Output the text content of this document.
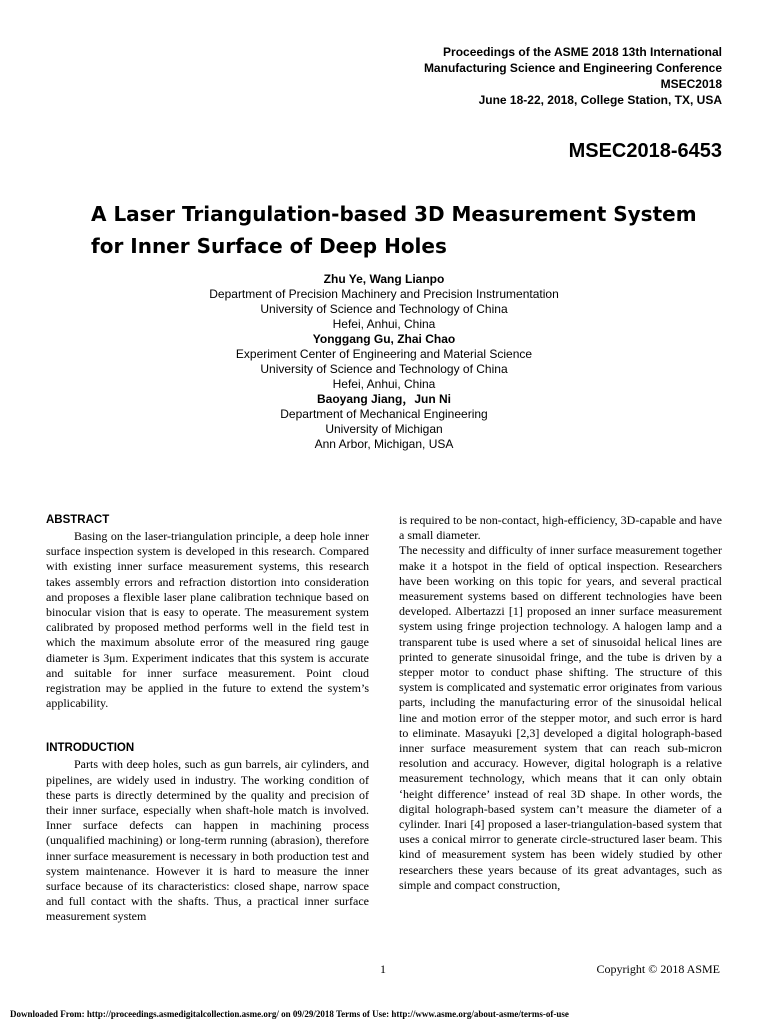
Proceedings of the ASME 2018 13th International
Manufacturing Science and Engineering Conference
MSEC2018
June 18-22, 2018, College Station, TX, USA
MSEC2018-6453
A Laser Triangulation-based 3D Measurement System for Inner Surface of Deep Holes
Zhu Ye, Wang Lianpo
Department of Precision Machinery and Precision Instrumentation
University of Science and Technology of China
Hefei, Anhui, China
Yonggang Gu, Zhai Chao
Experiment Center of Engineering and Material Science
University of Science and Technology of China
Hefei, Anhui, China
Baoyang Jiang，Jun Ni
Department of Mechanical Engineering
University of Michigan
Ann Arbor, Michigan, USA
ABSTRACT

Basing on the laser-triangulation principle, a deep hole inner surface inspection system is developed in this research. Compared with existing inner surface measurement systems, this research takes assembly errors and refraction distortion into consideration and proposes a flexible laser plane calibration technique based on binocular vision that is easy to operate. The measurement system calibrated by proposed method performs well in the field test in which the maximum absolute error of the measured ring gauge diameter is 3μm. Experiment indicates that this system is accurate and suitable for inner surface measurement. Point cloud registration may be applied in the future to extend the system’s applicability.

INTRODUCTION

Parts with deep holes, such as gun barrels, air cylinders, and pipelines, are widely used in industry. The working condition of these parts is directly determined by the quality and precision of their inner surface, especially when shaft-hole match is involved. Inner surface defects can happen in machining process (unqualified machining) or long-term running (abrasion), therefore inner surface measurement is necessary in both production test and system maintenance. However it is hard to measure the inner surface because of its characteristics: closed shape, narrow space and full contact with the shafts. Thus, a practical inner surface measurement system

is required to be non-contact, high-efficiency, 3D-capable and have a small diameter.

The necessity and difficulty of inner surface measurement together make it a hotspot in the field of optical inspection. Researchers have been working on this topic for years, and several practical measurement systems based on different technologies have been developed. Albertazzi [1] proposed an inner surface measurement system using fringe projection technology. A halogen lamp and a transparent tube is used where a set of sinusoidal helical lines are printed to generate sinusoidal fringe, and the tube is driven by a stepper motor to conduct phase shifting. The structure of this system is complicated and systematic error originates from various parts, including the manufacturing error of the sinusoidal helical line and motion error of the stepper motor, and such error is hard to eliminate. Masayuki [2,3] developed a digital holograph-based inner surface measurement system that can reach sub-micron resolution and accuracy. However, digital holograph is a relative measurement technology, which means that it can only obtain ‘height difference’ instead of real 3D shape. In other words, the digital holograph-based system can’t measure the diameter of a cylinder. Inari [4] proposed a laser-triangulation-based system that uses a conical mirror to generate circle-structured laser beam. This kind of measurement system has been widely studied by other researchers these years because of its great advantages, such as simple and compact construction,

1	Copyright © 2018 ASME
Downloaded From: http://proceedings.asmedigitalcollection.asme.org/ on 09/29/2018 Terms of Use: http://www.asme.org/about-asme/terms-of-use
